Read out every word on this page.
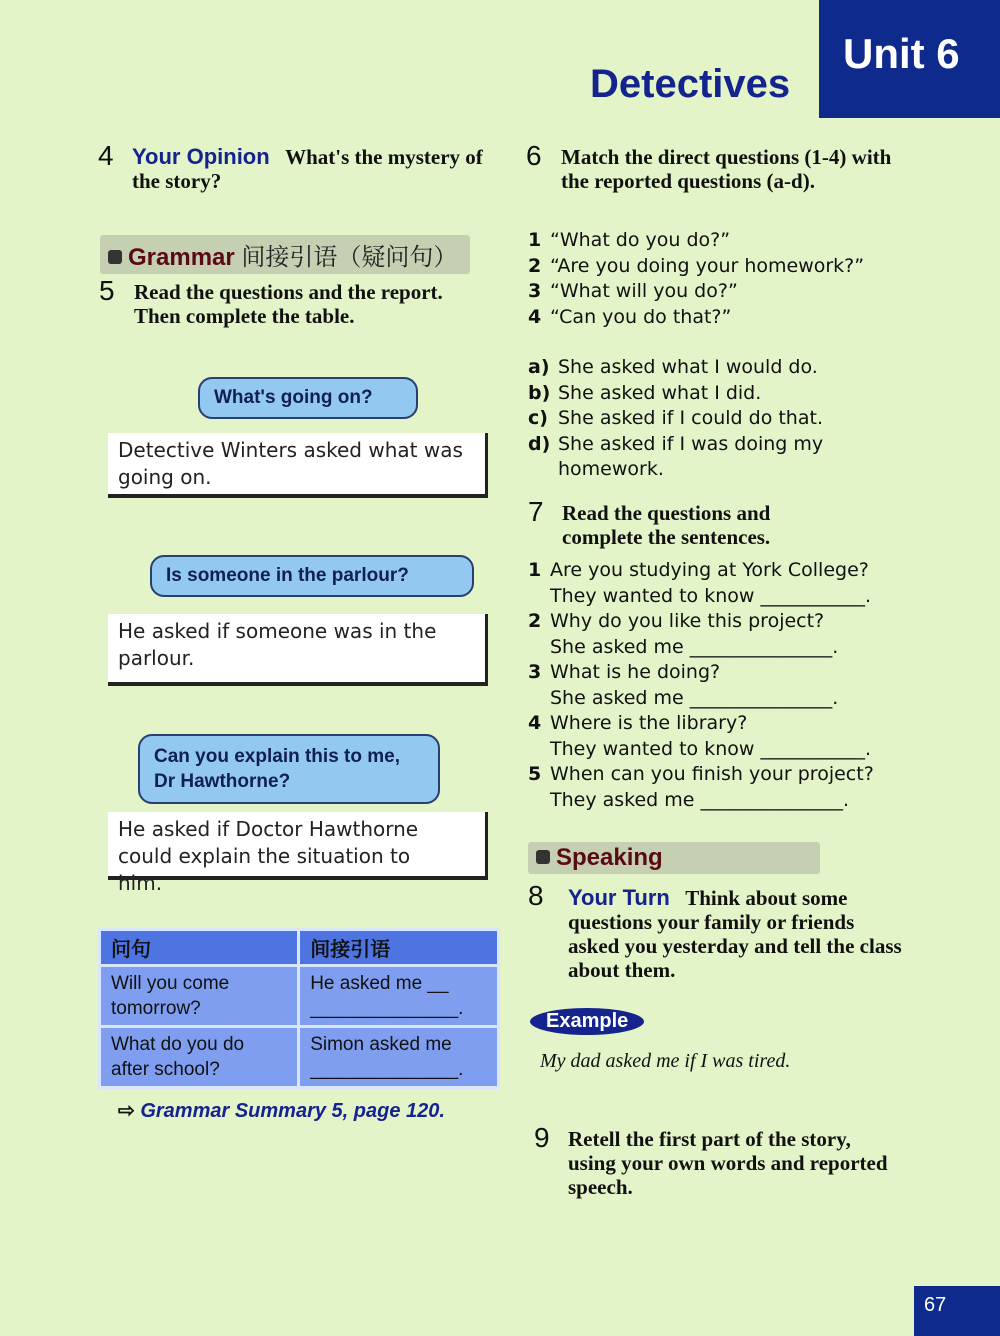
Unit 6
Detectives
4 Your Opinion What's the mystery of the story?
Grammar 间接引语（疑问句）
5 Read the questions and the report. Then complete the table.
What's going on?
Detective Winters asked what was going on.
Is someone in the parlour?
He asked if someone was in the parlour.
Can you explain this to me, Dr Hawthorne?
He asked if Doctor Hawthorne could explain the situation to him.
问句	间接引语
Will you come tomorrow?	He asked me __ ______________.
What do you do after school?	Simon asked me ______________.
⇨ Grammar Summary 5, page 120.
6 Match the direct questions (1-4) with the reported questions (a-d).
1 “What do you do?”
2 “Are you doing your homework?”
3 “What will you do?”
4 “Can you do that?”
a) She asked what I would do.
b) She asked what I did.
c) She asked if I could do that.
d) She asked if I was doing my homework.
7 Read the questions and complete the sentences.
1 Are you studying at York College?
They wanted to know ___________.
2 Why do you like this project?
She asked me _______________.
3 What is he doing?
She asked me _______________.
4 Where is the library?
They wanted to know ___________.
5 When can you finish your project?
They asked me _______________.
Speaking
8 Your Turn Think about some questions your family or friends asked you yesterday and tell the class about them.
Example
My dad asked me if I was tired.
9 Retell the first part of the story, using your own words and reported speech.
67
